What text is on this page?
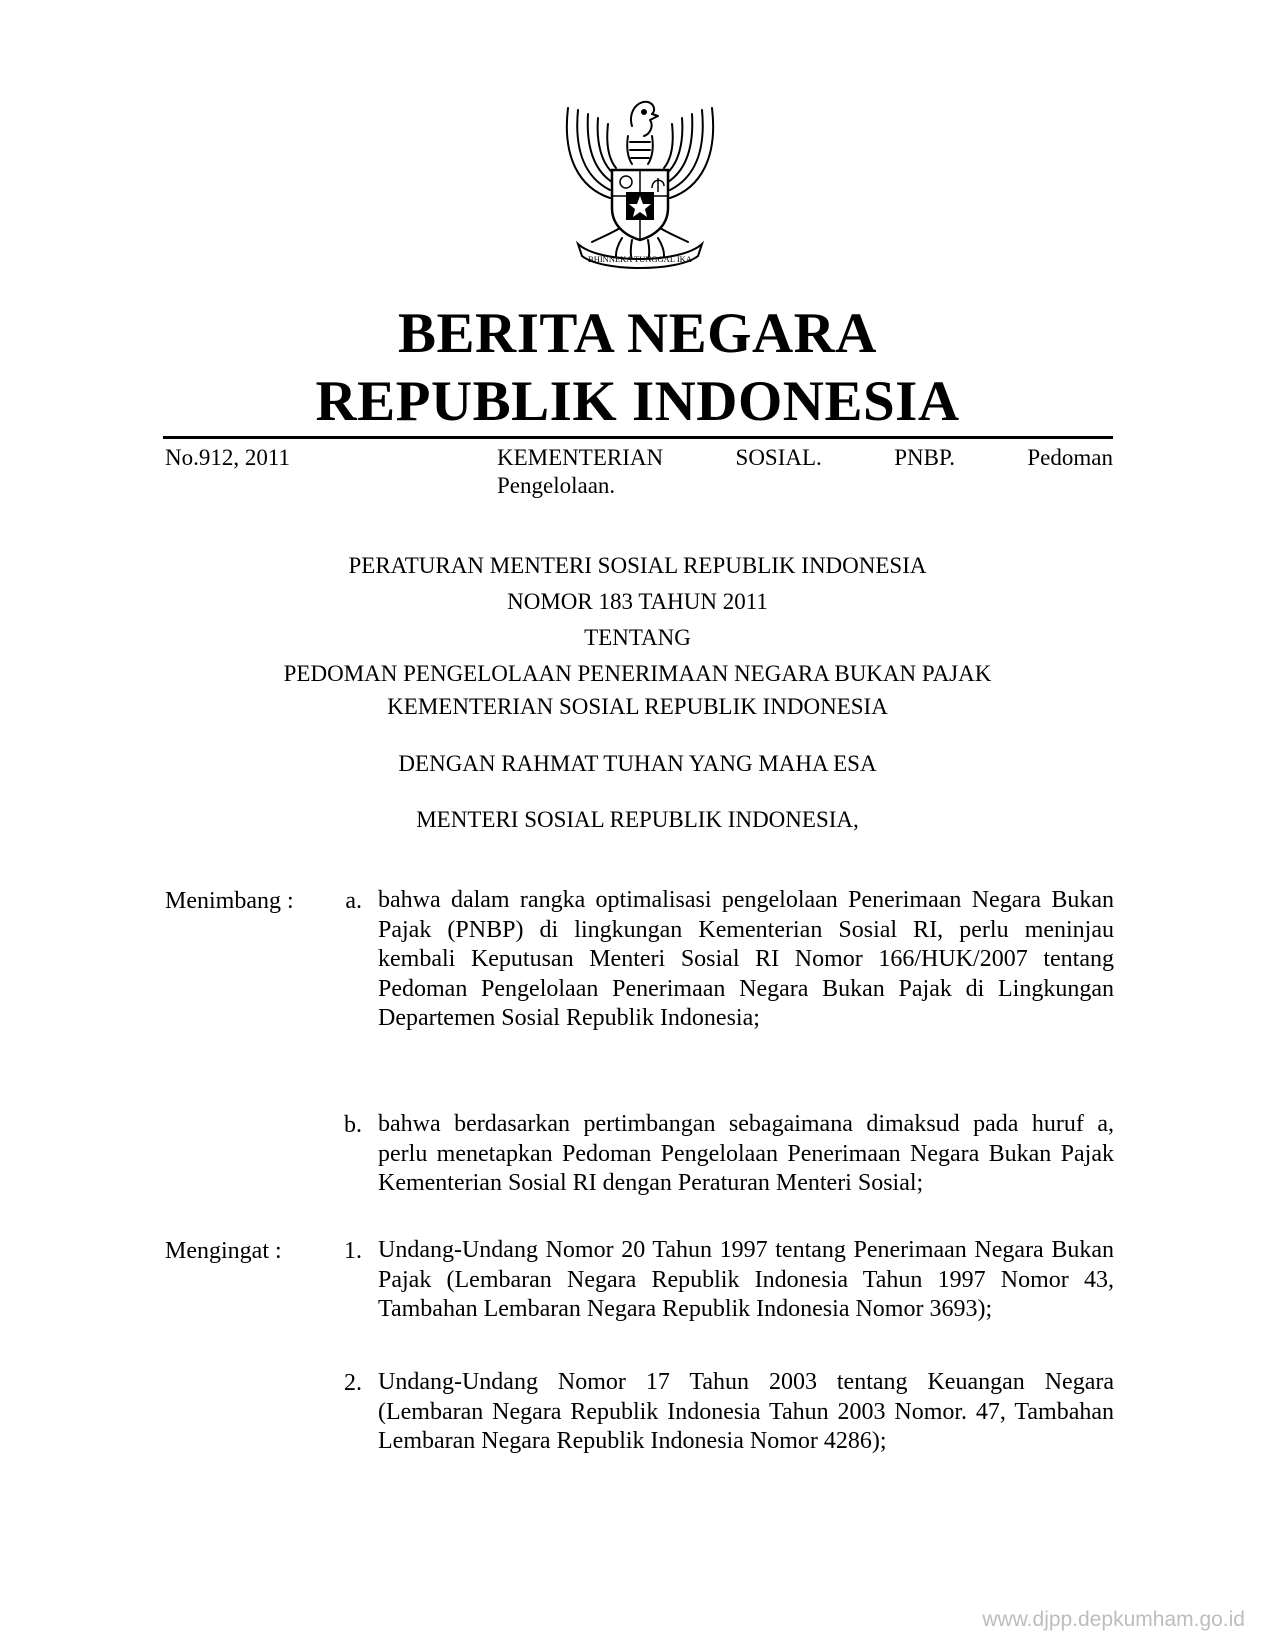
BHINNEKA TUNGGAL IKA
BERITA NEGARA
REPUBLIK INDONESIA
No.912, 2011	KEMENTERIAN SOSIAL. PNBP. Pedoman
Pengelolaan.
PERATURAN MENTERI SOSIAL REPUBLIK INDONESIA
NOMOR 183 TAHUN 2011
TENTANG
PEDOMAN PENGELOLAAN PENERIMAAN NEGARA BUKAN PAJAK
KEMENTERIAN SOSIAL REPUBLIK INDONESIA
DENGAN RAHMAT TUHAN YANG MAHA ESA
MENTERI SOSIAL REPUBLIK INDONESIA,
Menimbang :	a. bahwa dalam rangka optimalisasi pengelolaan Penerimaan Negara Bukan Pajak (PNBP) di lingkungan Kementerian Sosial RI, perlu meninjau kembali Keputusan Menteri Sosial RI Nomor 166/HUK/2007 tentang Pedoman Pengelolaan Penerimaan Negara Bukan Pajak di Lingkungan Departemen Sosial Republik Indonesia;

b. bahwa berdasarkan pertimbangan sebagaimana dimaksud pada huruf a, perlu menetapkan Pedoman Pengelolaan Penerimaan Negara Bukan Pajak Kementerian Sosial RI dengan Peraturan Menteri Sosial;

Mengingat :	1. Undang-Undang Nomor 20 Tahun 1997 tentang Penerimaan Negara Bukan Pajak (Lembaran Negara Republik Indonesia Tahun 1997 Nomor 43, Tambahan Lembaran Negara Republik Indonesia Nomor 3693);

2. Undang-Undang Nomor 17 Tahun 2003 tentang Keuangan Negara (Lembaran Negara Republik Indonesia Tahun 2003 Nomor. 47, Tambahan Lembaran Negara Republik Indonesia Nomor 4286);

www.djpp.depkumham.go.id
